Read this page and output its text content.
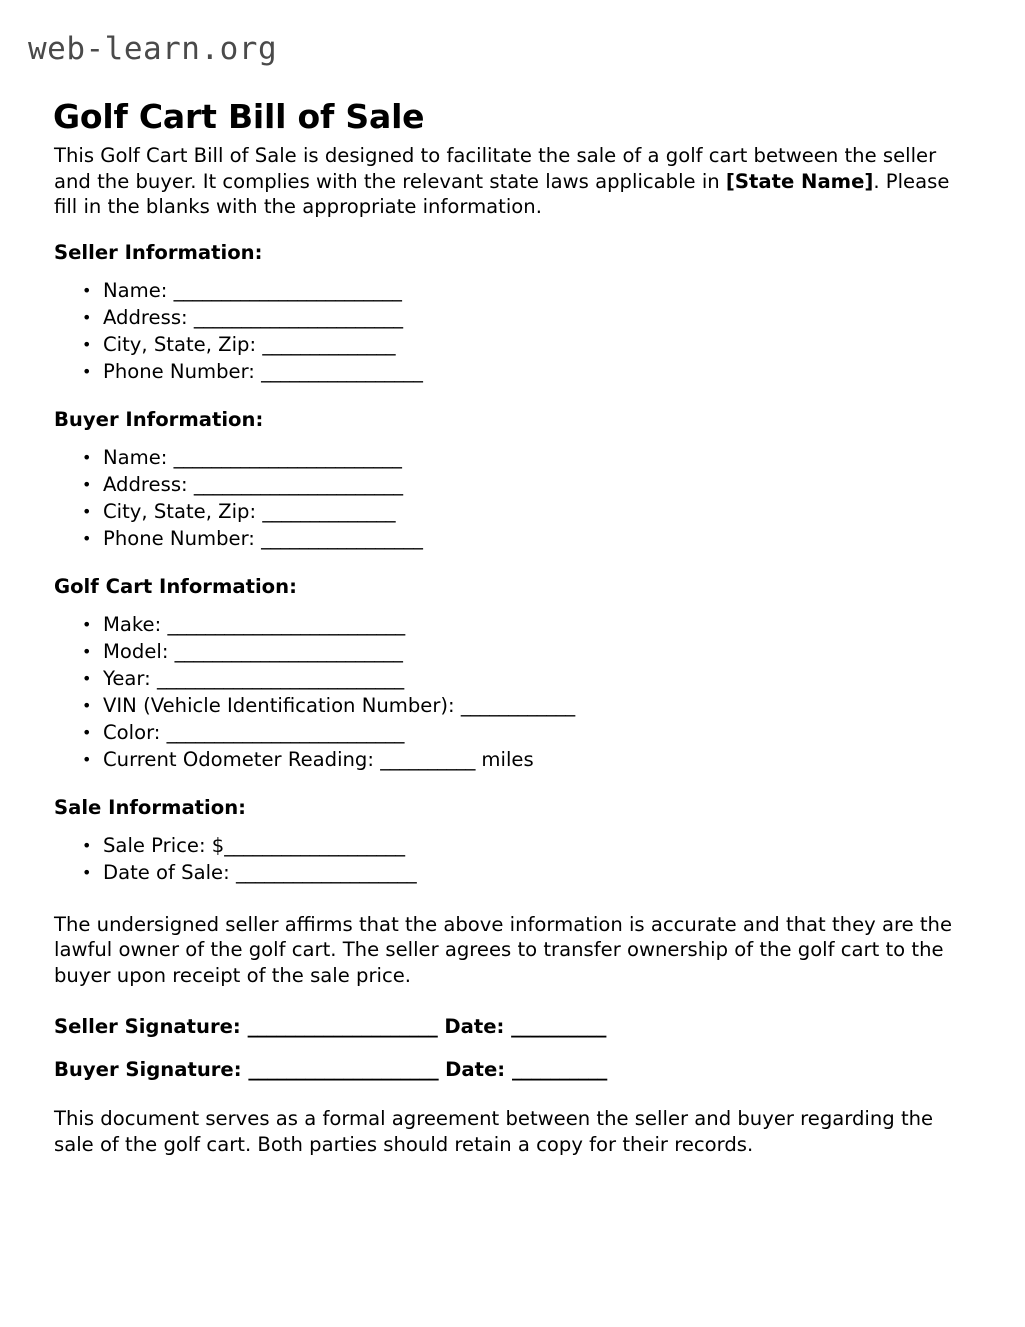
web-learn.org
Golf Cart Bill of Sale

This Golf Cart Bill of Sale is designed to facilitate the sale of a golf cart between the seller and the buyer. It complies with the relevant state laws applicable in [State Name]. Please fill in the blanks with the appropriate information.

Seller Information:
• Name: ________________________
• Address: ______________________
• City, State, Zip: ______________
• Phone Number: _________________
Buyer Information:
• Name: ________________________
• Address: ______________________
• City, State, Zip: ______________
• Phone Number: _________________
Golf Cart Information:
• Make: _________________________
• Model: ________________________
• Year: __________________________
• VIN (Vehicle Identification Number): ____________
• Color: _________________________
• Current Odometer Reading: __________ miles
Sale Information:
• Sale Price: $___________________
• Date of Sale: ___________________

The undersigned seller affirms that the above information is accurate and that they are the lawful owner of the golf cart. The seller agrees to transfer ownership of the golf cart to the buyer upon receipt of the sale price.

Seller Signature: ____________________ Date: __________

Buyer Signature: ____________________ Date: __________

This document serves as a formal agreement between the seller and buyer regarding the sale of the golf cart. Both parties should retain a copy for their records.
